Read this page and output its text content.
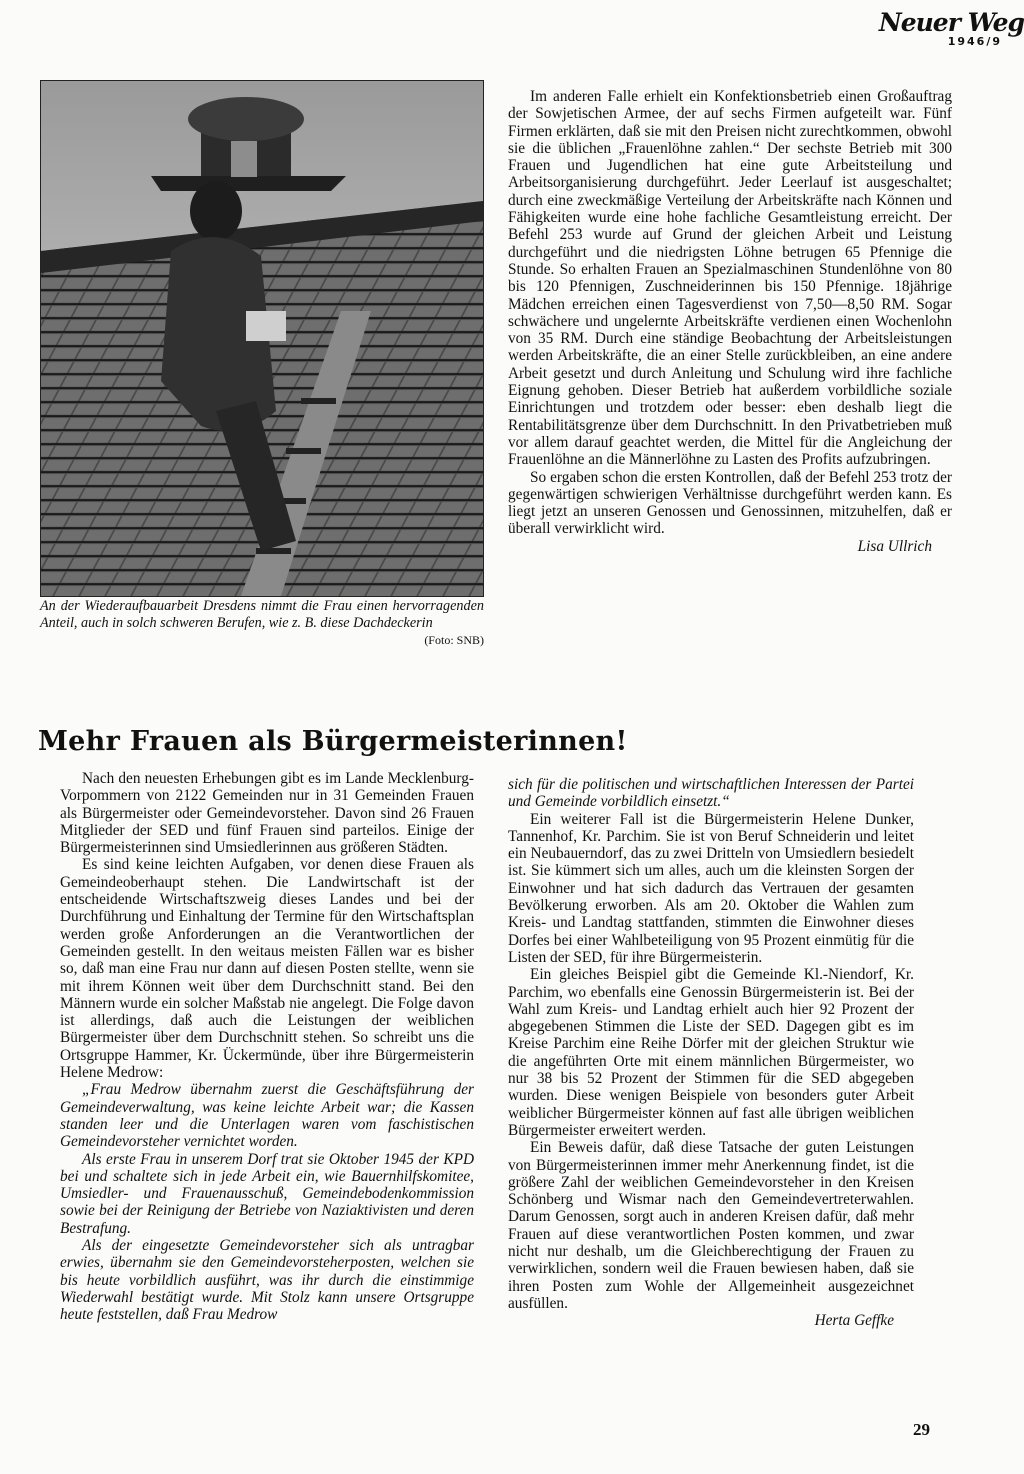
Neuer Weg
1946/9
An der Wiederaufbauarbeit Dresdens nimmt die Frau einen hervorragenden Anteil, auch in solch schweren Berufen, wie z. B. diese Dachdeckerin
(Foto: SNB)

Im anderen Falle erhielt ein Konfektionsbetrieb einen Großauftrag der Sowjetischen Armee, der auf sechs Firmen aufgeteilt war. Fünf Firmen erklärten, daß sie mit den Preisen nicht zurechtkommen, obwohl sie die üblichen „Frauenlöhne zahlen.“ Der sechste Betrieb mit 300 Frauen und Jugendlichen hat eine gute Arbeitsteilung und Arbeitsorganisierung durchgeführt. Jeder Leerlauf ist ausgeschaltet; durch eine zweckmäßige Verteilung der Arbeitskräfte nach Können und Fähigkeiten wurde eine hohe fachliche Gesamtleistung erreicht. Der Befehl 253 wurde auf Grund der gleichen Arbeit und Leistung durchgeführt und die niedrigsten Löhne betrugen 65 Pfennige die Stunde. So erhalten Frauen an Spezialmaschinen Stundenlöhne von 80 bis 120 Pfennigen, Zuschneiderinnen bis 150 Pfennige. 18jährige Mädchen erreichen einen Tagesverdienst von 7,50—8,50 RM. Sogar schwächere und ungelernte Arbeitskräfte verdienen einen Wochenlohn von 35 RM. Durch eine ständige Beobachtung der Arbeitsleistungen werden Arbeitskräfte, die an einer Stelle zurückbleiben, an eine andere Arbeit gesetzt und durch Anleitung und Schulung wird ihre fachliche Eignung gehoben. Dieser Betrieb hat außerdem vorbildliche soziale Einrichtungen und trotzdem oder besser: eben deshalb liegt die Rentabilitätsgrenze über dem Durchschnitt. In den Privatbetrieben muß vor allem darauf geachtet werden, die Mittel für die Angleichung der Frauenlöhne an die Männerlöhne zu Lasten des Profits aufzubringen.

So ergaben schon die ersten Kontrollen, daß der Befehl 253 trotz der gegenwärtigen schwierigen Verhältnisse durchgeführt werden kann. Es liegt jetzt an unseren Genossen und Genossinnen, mitzuhelfen, daß er überall verwirklicht wird.

Lisa Ullrich

Mehr Frauen als Bürgermeisterinnen!

Nach den neuesten Erhebungen gibt es im Lande Mecklenburg-Vorpommern von 2122 Gemeinden nur in 31 Gemeinden Frauen als Bürgermeister oder Gemeindevorsteher. Davon sind 26 Frauen Mitglieder der SED und fünf Frauen sind parteilos. Einige der Bürgermeisterinnen sind Umsiedlerinnen aus größeren Städten.

Es sind keine leichten Aufgaben, vor denen diese Frauen als Gemeindeoberhaupt stehen. Die Landwirtschaft ist der entscheidende Wirtschaftszweig dieses Landes und bei der Durchführung und Einhaltung der Termine für den Wirtschaftsplan werden große Anforderungen an die Verantwortlichen der Gemeinden gestellt. In den weitaus meisten Fällen war es bisher so, daß man eine Frau nur dann auf diesen Posten stellte, wenn sie mit ihrem Können weit über dem Durchschnitt stand. Bei den Männern wurde ein solcher Maßstab nie angelegt. Die Folge davon ist allerdings, daß auch die Leistungen der weiblichen Bürgermeister über dem Durchschnitt stehen. So schreibt uns die Ortsgruppe Hammer, Kr. Ückermünde, über ihre Bürgermeisterin Helene Medrow:

„Frau Medrow übernahm zuerst die Geschäftsführung der Gemeindeverwaltung, was keine leichte Arbeit war; die Kassen standen leer und die Unterlagen waren vom faschistischen Gemeindevorsteher vernichtet worden.

Als erste Frau in unserem Dorf trat sie Oktober 1945 der KPD bei und schaltete sich in jede Arbeit ein, wie Bauernhilfskomitee, Umsiedler- und Frauenausschuß, Gemeindebodenkommission sowie bei der Reinigung der Betriebe von Naziaktivisten und deren Bestrafung.

Als der eingesetzte Gemeindevorsteher sich als untragbar erwies, übernahm sie den Gemeindevorsteherposten, welchen sie bis heute vorbildlich ausführt, was ihr durch die einstimmige Wiederwahl bestätigt wurde. Mit Stolz kann unsere Ortsgruppe heute feststellen, daß Frau Medrow

sich für die politischen und wirtschaftlichen Interessen der Partei und Gemeinde vorbildlich einsetzt.“

Ein weiterer Fall ist die Bürgermeisterin Helene Dunker, Tannenhof, Kr. Parchim. Sie ist von Beruf Schneiderin und leitet ein Neubauerndorf, das zu zwei Dritteln von Umsiedlern besiedelt ist. Sie kümmert sich um alles, auch um die kleinsten Sorgen der Einwohner und hat sich dadurch das Vertrauen der gesamten Bevölkerung erworben. Als am 20. Oktober die Wahlen zum Kreis- und Landtag stattfanden, stimmten die Einwohner dieses Dorfes bei einer Wahlbeteiligung von 95 Prozent einmütig für die Listen der SED, für ihre Bürgermeisterin.

Ein gleiches Beispiel gibt die Gemeinde Kl.-Niendorf, Kr. Parchim, wo ebenfalls eine Genossin Bürgermeisterin ist. Bei der Wahl zum Kreis- und Landtag erhielt auch hier 92 Prozent der abgegebenen Stimmen die Liste der SED. Dagegen gibt es im Kreise Parchim eine Reihe Dörfer mit der gleichen Struktur wie die angeführten Orte mit einem männlichen Bürgermeister, wo nur 38 bis 52 Prozent der Stimmen für die SED abgegeben wurden. Diese wenigen Beispiele von besonders guter Arbeit weiblicher Bürgermeister können auf fast alle übrigen weiblichen Bürgermeister erweitert werden.

Ein Beweis dafür, daß diese Tatsache der guten Leistungen von Bürgermeisterinnen immer mehr Anerkennung findet, ist die größere Zahl der weiblichen Gemeindevorsteher in den Kreisen Schönberg und Wismar nach den Gemeindevertreterwahlen. Darum Genossen, sorgt auch in anderen Kreisen dafür, daß mehr Frauen auf diese verantwortlichen Posten kommen, und zwar nicht nur deshalb, um die Gleichberechtigung der Frauen zu verwirklichen, sondern weil die Frauen bewiesen haben, daß sie ihren Posten zum Wohle der Allgemeinheit ausgezeichnet ausfüllen.

Herta Geffke

29
